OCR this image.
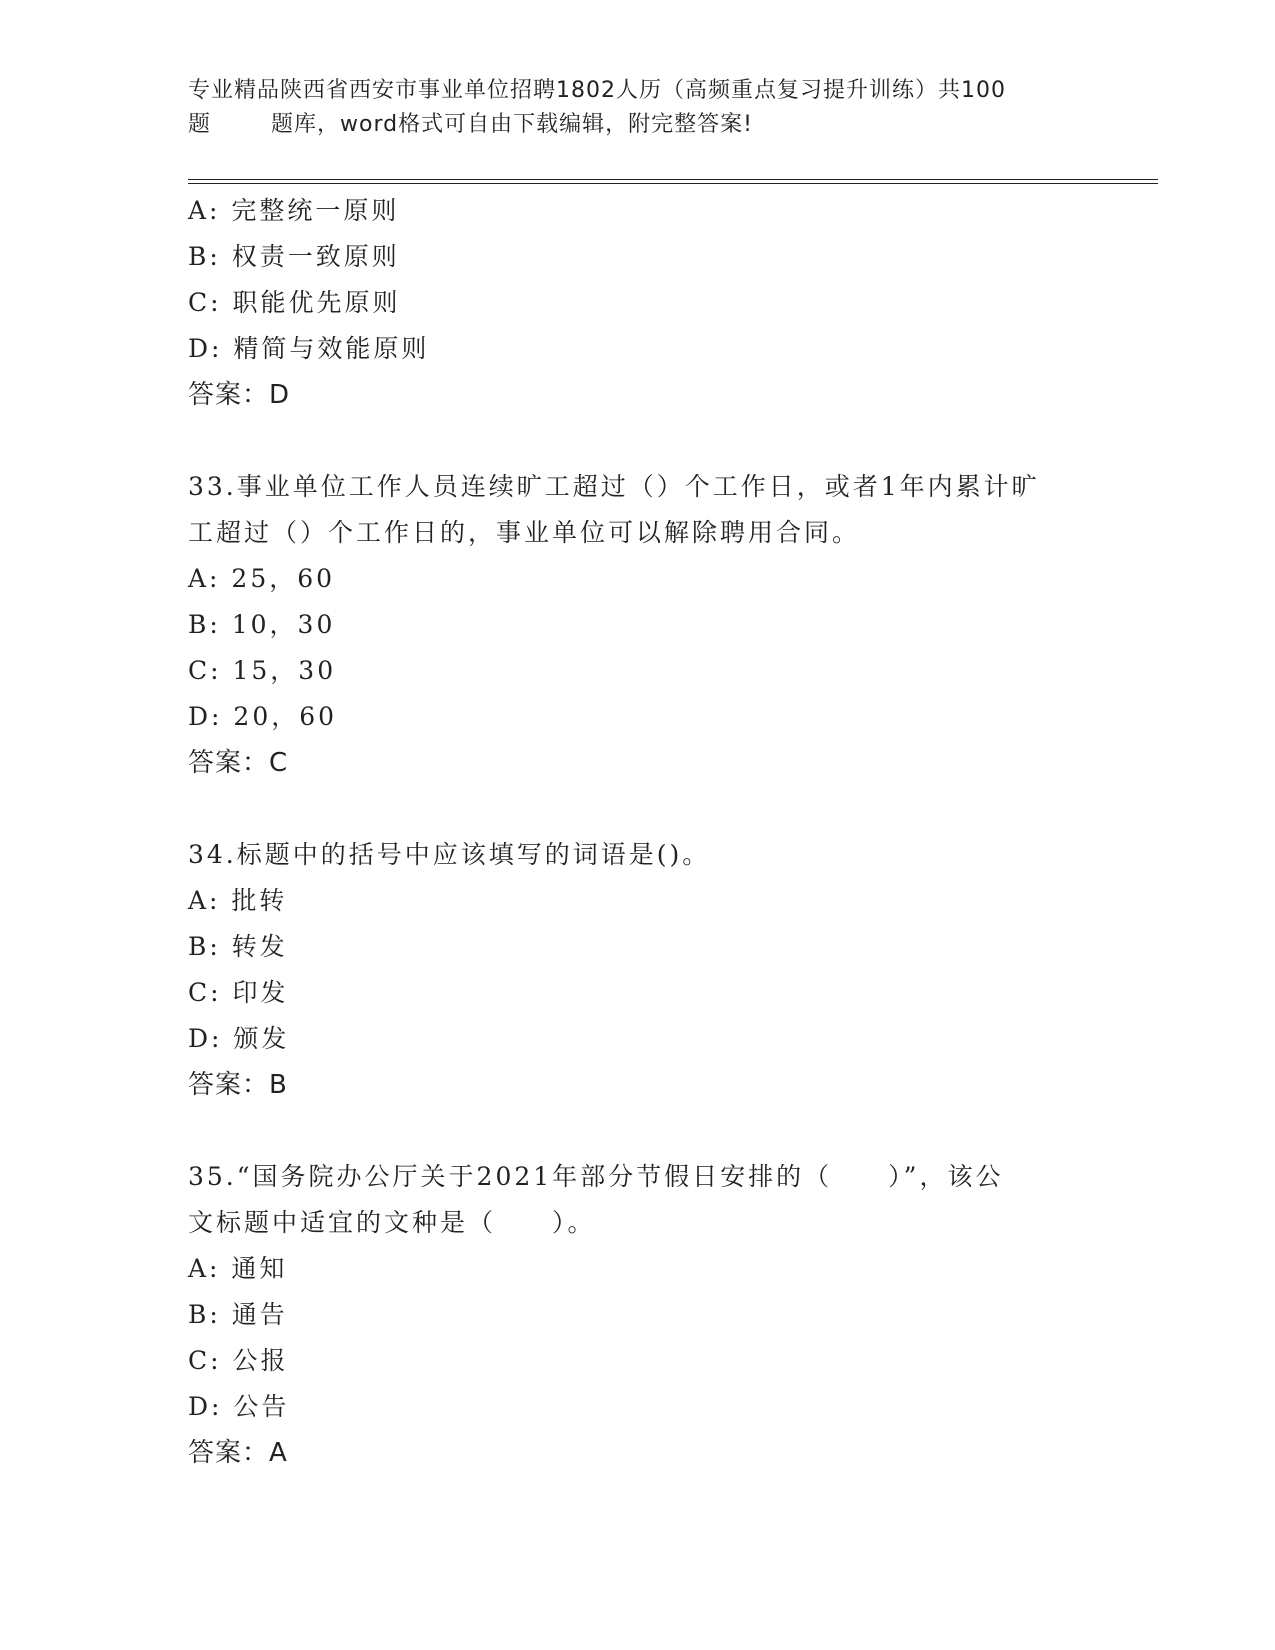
专业精品陕西省西安市事业单位招聘1802人历（高频重点复习提升训练）共100
题	题库，word格式可自由下载编辑，附完整答案!
A: 完整统一原则
B: 权责一致原则
C: 职能优先原则
D: 精简与效能原则
答案：D
33.事业单位工作人员连续旷工超过（）个工作日，或者1年内累计旷
工超过（）个工作日的，事业单位可以解除聘用合同。
A: 25，60
B: 10，30
C: 15，30
D: 20，60
答案：C
34.标题中的括号中应该填写的词语是()。
A: 批转
B: 转发
C: 印发
D: 颁发
答案：B
35.“国务院办公厅关于2021年部分节假日安排的（　　）”，该公
文标题中适宜的文种是（　　）。
A: 通知
B: 通告
C: 公报
D: 公告
答案：A
